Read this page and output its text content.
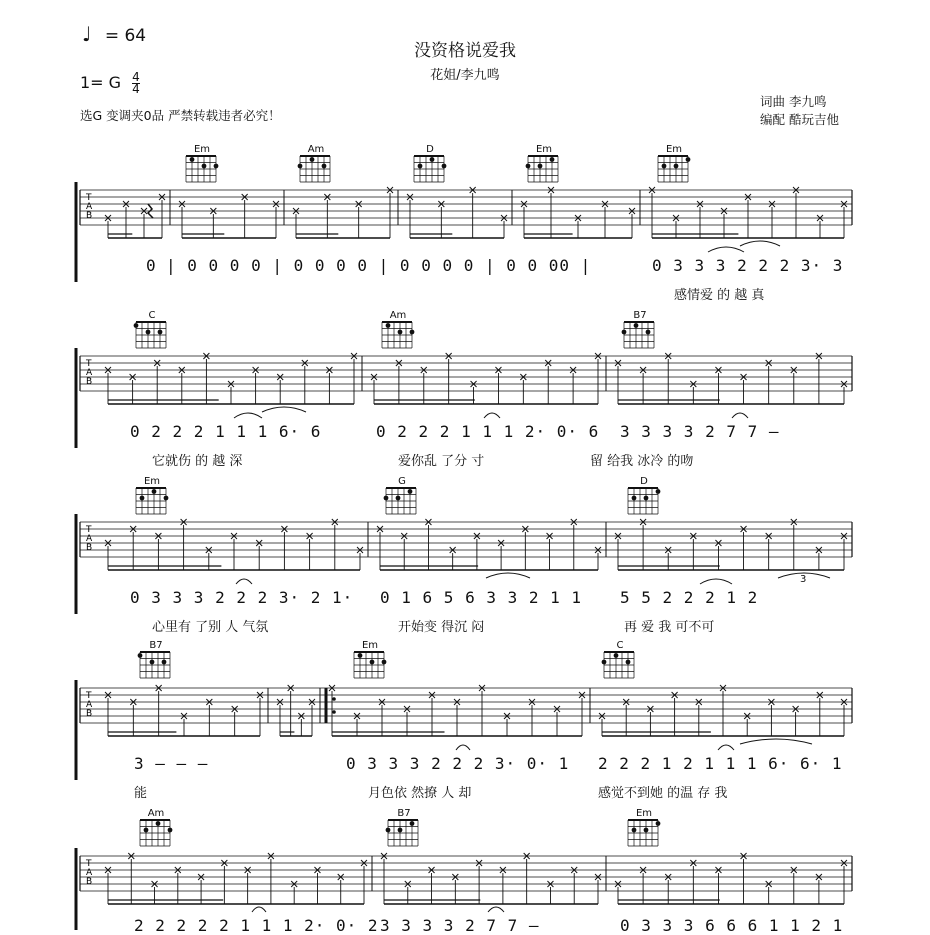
♩ = 64
没资格说爱我
花姐/李九鸣
1= G $\frac{4}{4}$
选G 变调夹0品 严禁转载违者必究！
词曲 李九鸣
编配 酷玩吉他
Em	Am	D	Em	Em
0 | 0 0 0 0 | 0 0 0 0 | 0 0 0 0 | 0 0 00 |	0 3 3 3 2 2 2 3· 3
感情爱 的 越 真
C	Am	B7
0 2 2 2 1 1 1 6· 6	0 2 2 2 1 1 1 2· 0· 6 3 3 3 3 2 7 7 —
它就伤 的 越 深	爱你乱 了分 寸	留 给我 冰冷 的吻
Em	G	D
0 3 3 3 2 2 2 3· 2 1· 0 1 6 5 6 3 3 2 1 1 5 5 2 2 2 1 2
3
心里有 了别 人 气氛	开始变 得沉 闷	再 爱 我 可不可
B7	Em	C
3 — — —	0 3 3 3 2 2 2 3· 0· 1 2 2 2 1 2 1 1 1 6· 6· 1
能	月色依 然撩 人 却	感觉不到她 的温 存 我
Am	B7	Em
2 2 2 2 2 1 1 1 2· 0· 2 3 3 3 3 2 7 7 —	0 3 3 3 6 6 6 1 1 2 1
T
A
B
T
A
B
T
A
B
T
A
B
T
A
B
